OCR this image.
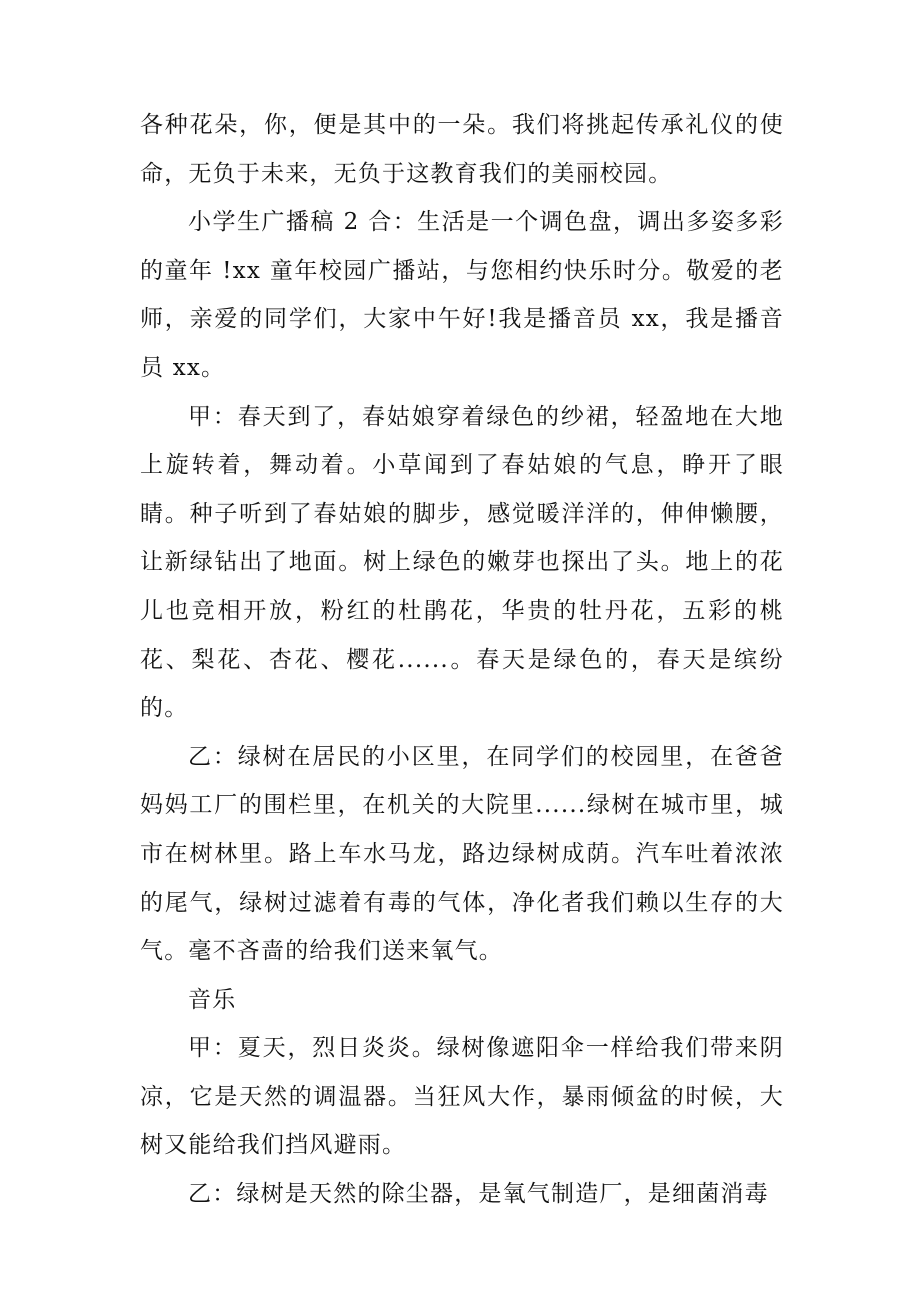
各种花朵，你，便是其中的一朵。我们将挑起传承礼仪的使命，无负于未来，无负于这教育我们的美丽校园。

小学生广播稿 2 合：生活是一个调色盘，调出多姿多彩的童年 !xx 童年校园广播站，与您相约快乐时分。敬爱的老师，亲爱的同学们，大家中午好!我是播音员 xx，我是播音员 xx。

甲：春天到了，春姑娘穿着绿色的纱裙，轻盈地在大地上旋转着，舞动着。小草闻到了春姑娘的气息，睁开了眼睛。种子听到了春姑娘的脚步，感觉暖洋洋的，伸伸懒腰，让新绿钻出了地面。树上绿色的嫩芽也探出了头。地上的花儿也竞相开放，粉红的杜鹃花，华贵的牡丹花，五彩的桃花、梨花、杏花、樱花......。春天是绿色的，春天是缤纷的。

乙：绿树在居民的小区里，在同学们的校园里，在爸爸妈妈工厂的围栏里，在机关的大院里......绿树在城市里，城市在树林里。路上车水马龙，路边绿树成荫。汽车吐着浓浓的尾气，绿树过滤着有毒的气体，净化者我们赖以生存的大气。毫不吝啬的给我们送来氧气。

音乐

甲：夏天，烈日炎炎。绿树像遮阳伞一样给我们带来阴凉，它是天然的调温器。当狂风大作，暴雨倾盆的时候，大树又能给我们挡风避雨。

乙：绿树是天然的除尘器，是氧气制造厂，是细菌消毒
